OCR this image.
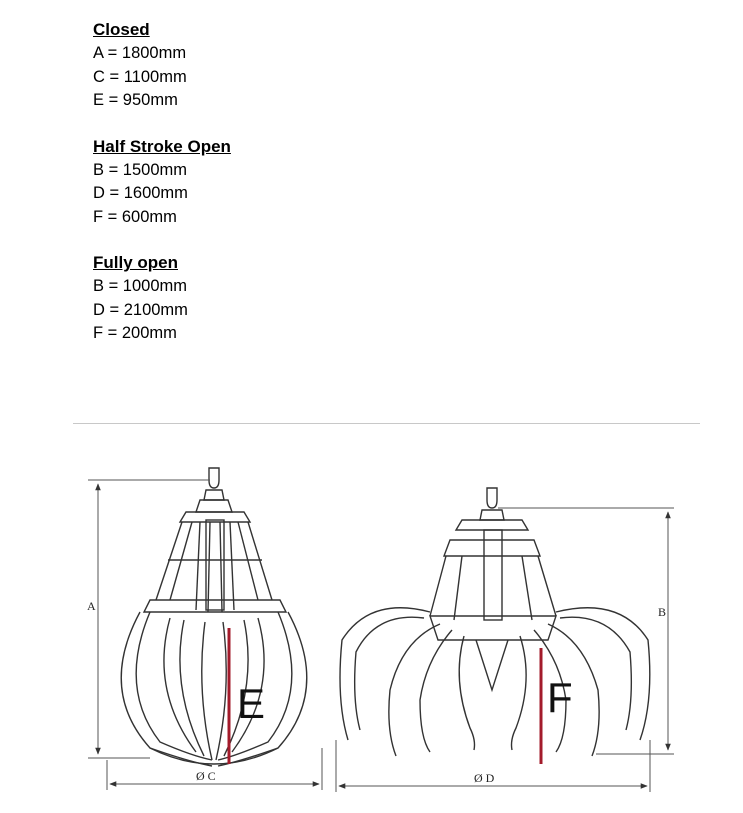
Closed
A = 1800mm
C = 1100mm
E = 950mm
Half Stroke Open
B = 1500mm
D = 1600mm
F = 600mm
Fully open
B = 1000mm
D = 2100mm
F = 200mm
A
Ø C
E
B
Ø D
F
